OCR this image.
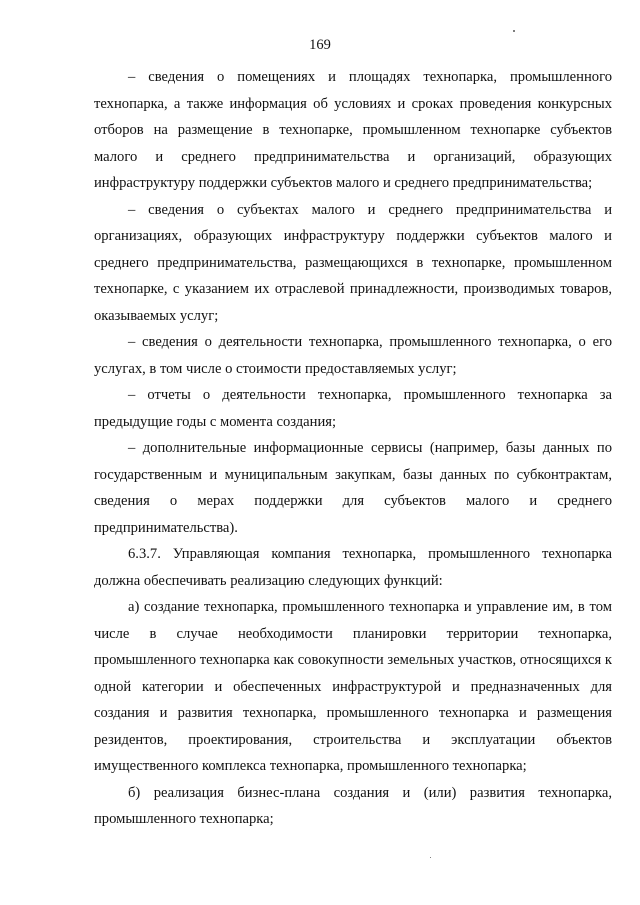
169

– сведения о помещениях и площадях технопарка, промышленного технопарка, а также информация об условиях и сроках проведения конкурсных отборов на размещение в технопарке, промышленном технопарке субъектов малого и среднего предпринимательства и организаций, образующих инфраструктуру поддержки субъектов малого и среднего предпринимательства;

– сведения о субъектах малого и среднего предпринимательства и организациях, образующих инфраструктуру поддержки субъектов малого и среднего предпринимательства, размещающихся в технопарке, промышленном технопарке, с указанием их отраслевой принадлежности, производимых товаров, оказываемых услуг;

– сведения о деятельности технопарка, промышленного технопарка, о его услугах, в том числе о стоимости предоставляемых услуг;

– отчеты о деятельности технопарка, промышленного технопарка за предыдущие годы с момента создания;

– дополнительные информационные сервисы (например, базы данных по государственным и муниципальным закупкам, базы данных по субконтрактам, сведения о мерах поддержки для субъектов малого и среднего предпринимательства).

6.3.7. Управляющая компания технопарка, промышленного технопарка должна обеспечивать реализацию следующих функций:

а) создание технопарка, промышленного технопарка и управление им, в том числе в случае необходимости планировки территории технопарка, промышленного технопарка как совокупности земельных участков, относящихся к одной категории и обеспеченных инфраструктурой и предназначенных для создания и развития технопарка, промышленного технопарка и размещения резидентов, проектирования, строительства и эксплуатации объектов имущественного комплекса технопарка, промышленного технопарка;

б) реализация бизнес-плана создания и (или) развития технопарка, промышленного технопарка;
